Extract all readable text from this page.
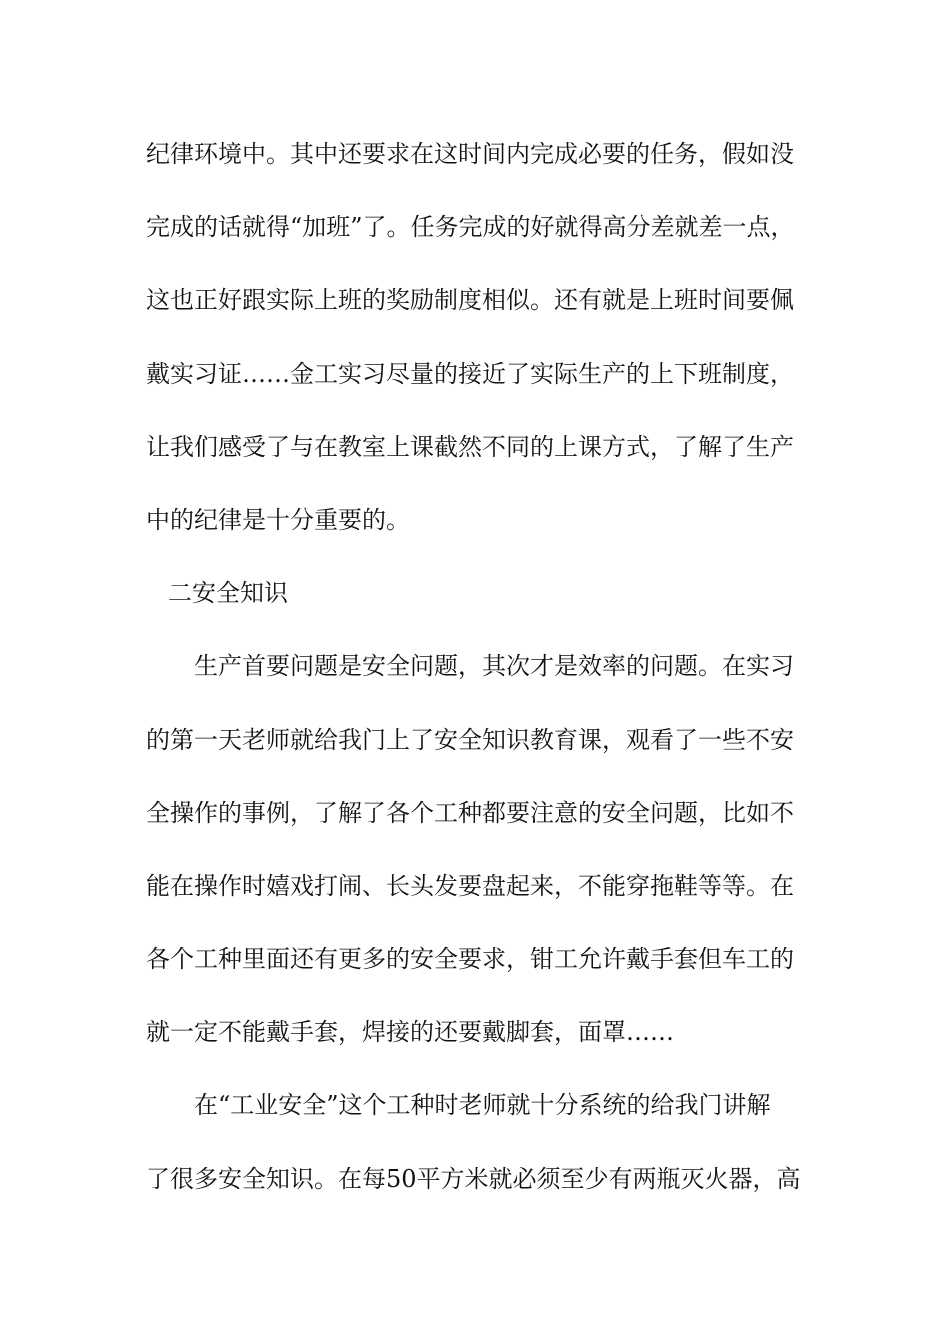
纪律环境中。其中还要求在这时间内完成必要的任务，假如没
完成的话就得“加班”了。任务完成的好就得高分差就差一点，
这也正好跟实际上班的奖励制度相似。还有就是上班时间要佩
戴实习证……金工实习尽量的接近了实际生产的上下班制度，
让我们感受了与在教室上课截然不同的上课方式，了解了生产
中的纪律是十分重要的。
二安全知识
生产首要问题是安全问题，其次才是效率的问题。在实习
的第一天老师就给我门上了安全知识教育课，观看了一些不安
全操作的事例，了解了各个工种都要注意的安全问题，比如不
能在操作时嬉戏打闹、长头发要盘起来，不能穿拖鞋等等。在
各个工种里面还有更多的安全要求，钳工允许戴手套但车工的
就一定不能戴手套，焊接的还要戴脚套，面罩……
在“工业安全”这个工种时老师就十分系统的给我门讲解
了很多安全知识。在每50平方米就必须至少有两瓶灭火器，高
